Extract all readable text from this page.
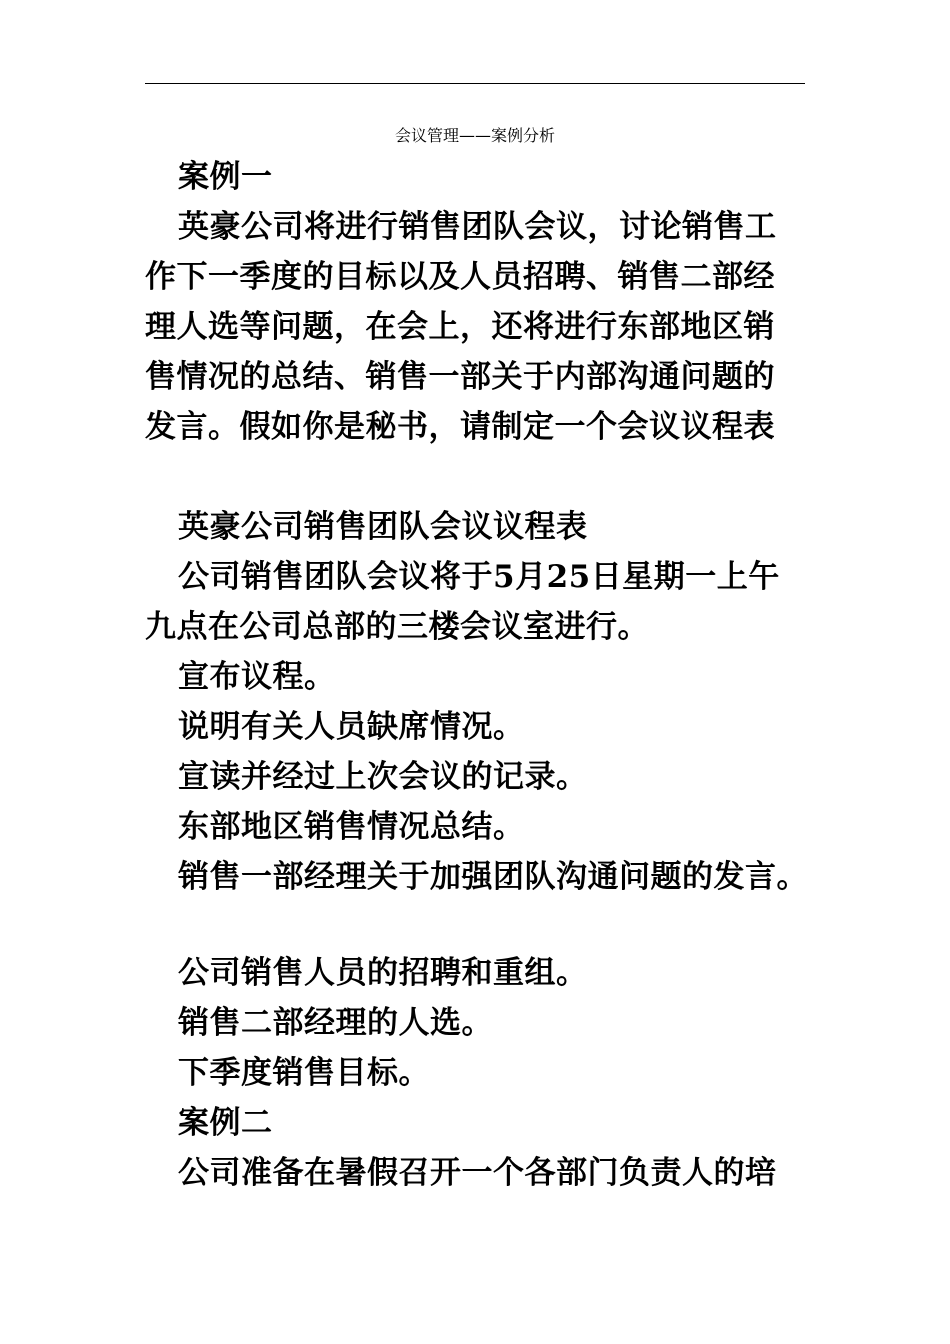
会议管理——案例分析

案例一

英豪公司将进行销售团队会议，讨论销售工作下一季度的目标以及人员招聘、销售二部经理人选等问题，在会上，还将进行东部地区销售情况的总结、销售一部关于内部沟通问题的发言。假如你是秘书，请制定一个会议议程表

英豪公司销售团队会议议程表

公司销售团队会议将于5月25日星期一上午九点在公司总部的三楼会议室进行。

宣布议程。

说明有关人员缺席情况。

宣读并经过上次会议的记录。

东部地区销售情况总结。

销售一部经理关于加强团队沟通问题的发言。

公司销售人员的招聘和重组。

销售二部经理的人选。

下季度销售目标。

案例二

公司准备在暑假召开一个各部门负责人的培
